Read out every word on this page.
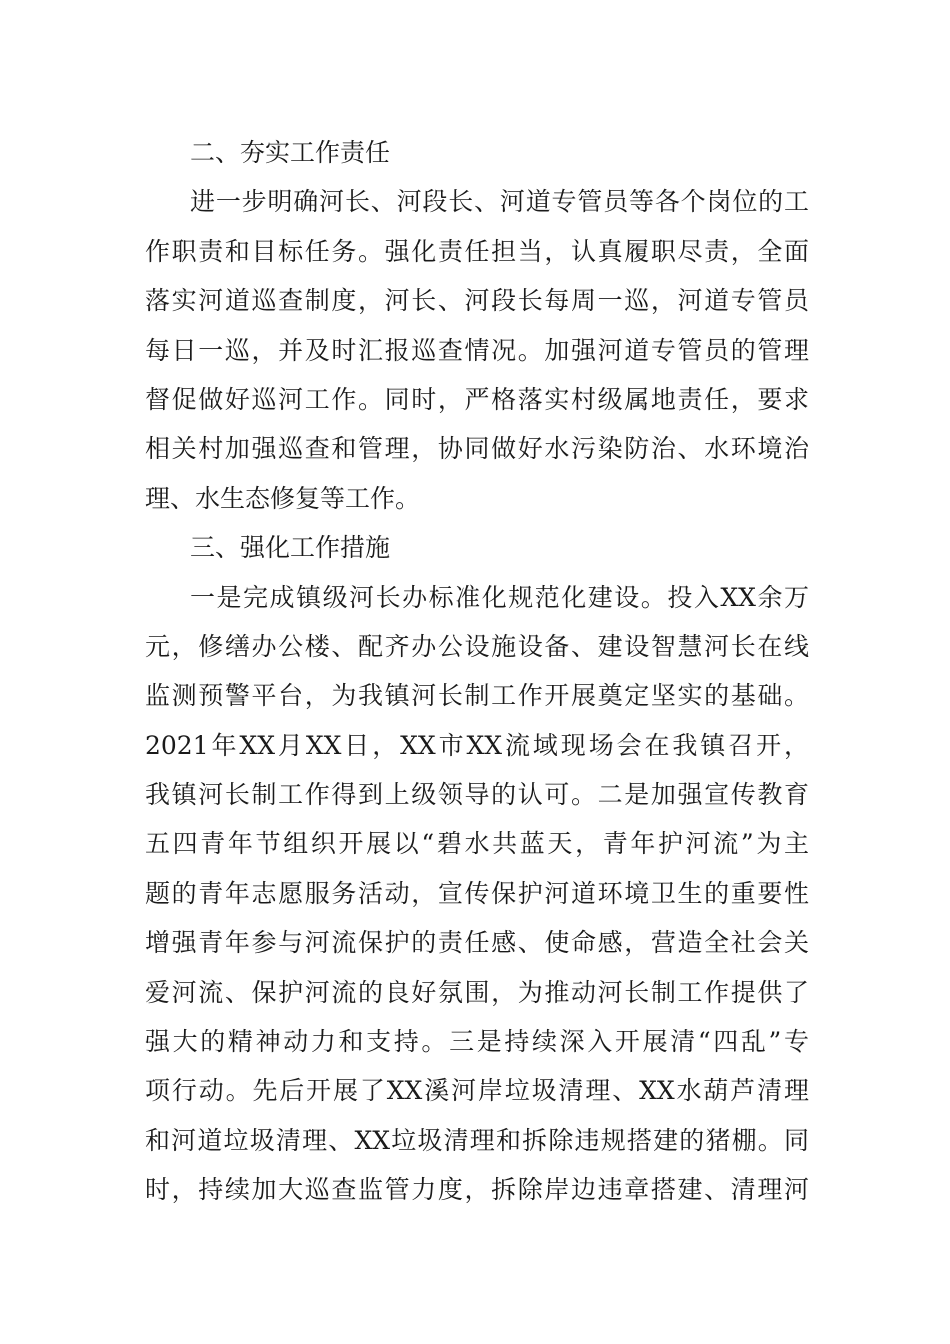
二、夯实工作责任
进一步明确河长、河段长、河道专管员等各个岗位的工
作职责和目标任务。强化责任担当，认真履职尽责，全面
落实河道巡查制度，河长、河段长每周一巡，河道专管员
每日一巡，并及时汇报巡查情况。加强河道专管员的管理
督促做好巡河工作。同时，严格落实村级属地责任，要求
相关村加强巡查和管理，协同做好水污染防治、水环境治
理、水生态修复等工作。
三、强化工作措施
一是完成镇级河长办标准化规范化建设。投入XX余万
元，修缮办公楼、配齐办公设施设备、建设智慧河长在线
监测预警平台，为我镇河长制工作开展奠定坚实的基础。
2021年XX月XX日，XX市XX流域现场会在我镇召开，
我镇河长制工作得到上级领导的认可。二是加强宣传教育
五四青年节组织开展以“碧水共蓝天，青年护河流”为主
题的青年志愿服务活动，宣传保护河道环境卫生的重要性
增强青年参与河流保护的责任感、使命感，营造全社会关
爱河流、保护河流的良好氛围，为推动河长制工作提供了
强大的精神动力和支持。三是持续深入开展清“四乱”专
项行动。先后开展了XX溪河岸垃圾清理、XX水葫芦清理
和河道垃圾清理、XX垃圾清理和拆除违规搭建的猪棚。同
时，持续加大巡查监管力度，拆除岸边违章搭建、清理河
